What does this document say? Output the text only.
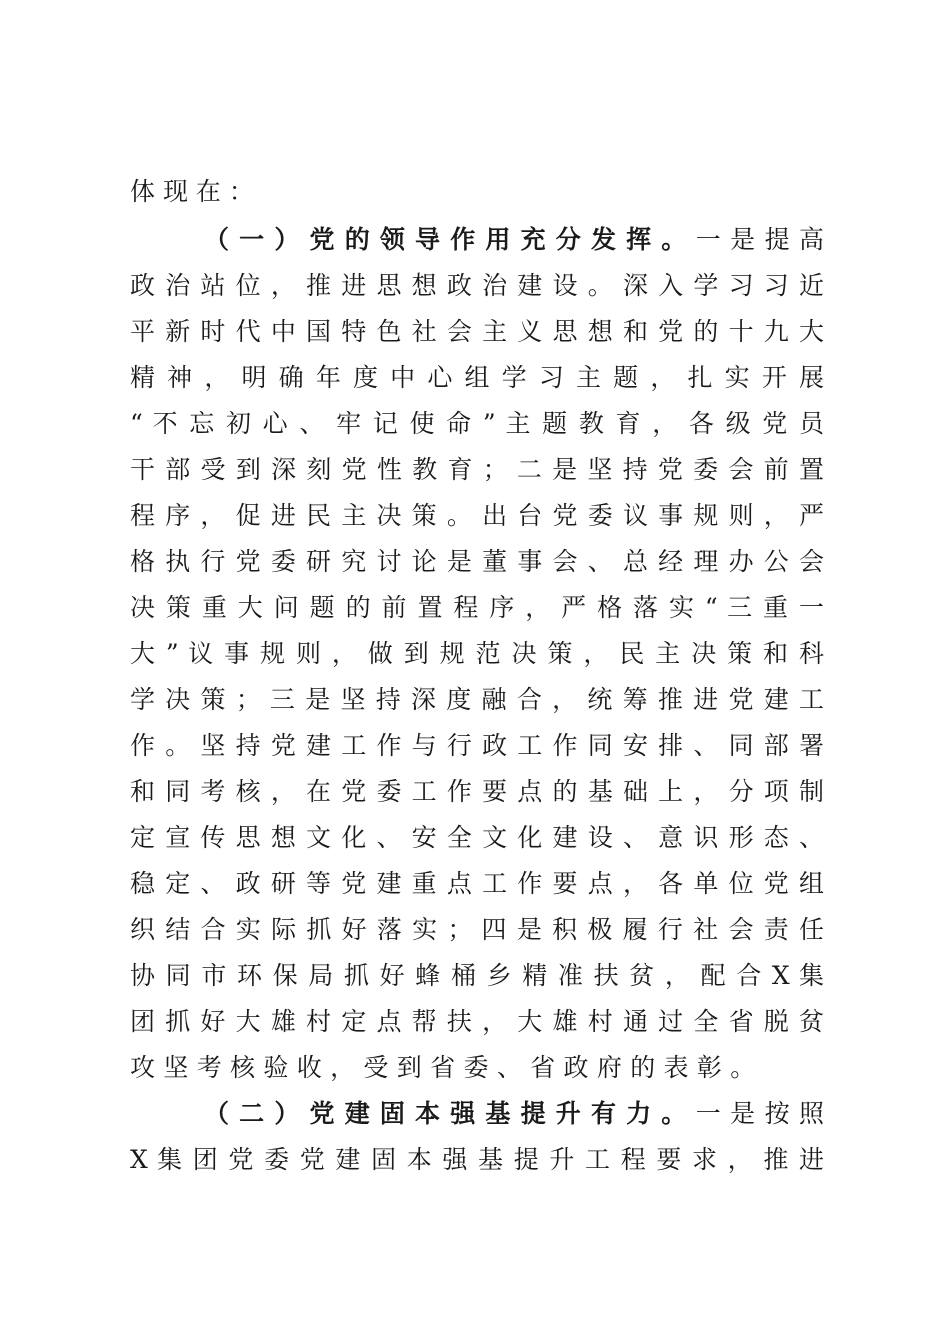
体 现 在 ：
（ 一 ） 党 的 领 导 作 用 充 分 发 挥 。 一 是 提 高
政 治 站 位 ， 推 进 思 想 政 治 建 设 。 深 入 学 习 习 近
平 新 时 代 中 国 特 色 社 会 主 义 思 想 和 党 的 十 九 大
精 神 ， 明 确 年 度 中 心 组 学 习 主 题 ， 扎 实 开 展
“ 不 忘 初 心 、 牢 记 使 命 ” 主 题 教 育 ， 各 级 党 员
干 部 受 到 深 刻 党 性 教 育 ； 二 是 坚 持 党 委 会 前 置
程 序 ， 促 进 民 主 决 策 。 出 台 党 委 议 事 规 则 ， 严
格 执 行 党 委 研 究 讨 论 是 董 事 会 、 总 经 理 办 公 会
决 策 重 大 问 题 的 前 置 程 序 ， 严 格 落 实 “ 三 重 一
大 ” 议 事 规 则 ， 做 到 规 范 决 策 ， 民 主 决 策 和 科
学 决 策 ； 三 是 坚 持 深 度 融 合 ， 统 筹 推 进 党 建 工
作 。 坚 持 党 建 工 作 与 行 政 工 作 同 安 排 、 同 部 署
和 同 考 核 ， 在 党 委 工 作 要 点 的 基 础 上 ， 分 项 制
定 宣 传 思 想 文 化 、 安 全 文 化 建 设 、 意 识 形 态 、
稳 定 、 政 研 等 党 建 重 点 工 作 要 点 ， 各 单 位 党 组
织 结 合 实 际 抓 好 落 实 ； 四 是 积 极 履 行 社 会 责 任
协 同 市 环 保 局 抓 好 蜂 桶 乡 精 准 扶 贫 ， 配 合 X 集
团 抓 好 大 雄 村 定 点 帮 扶 ， 大 雄 村 通 过 全 省 脱 贫
攻 坚 考 核 验 收 ， 受 到 省 委 、 省 政 府 的 表 彰 。
（ 二 ） 党 建 固 本 强 基 提 升 有 力 。 一 是 按 照
X 集 团 党 委 党 建 固 本 强 基 提 升 工 程 要 求 ， 推 进
